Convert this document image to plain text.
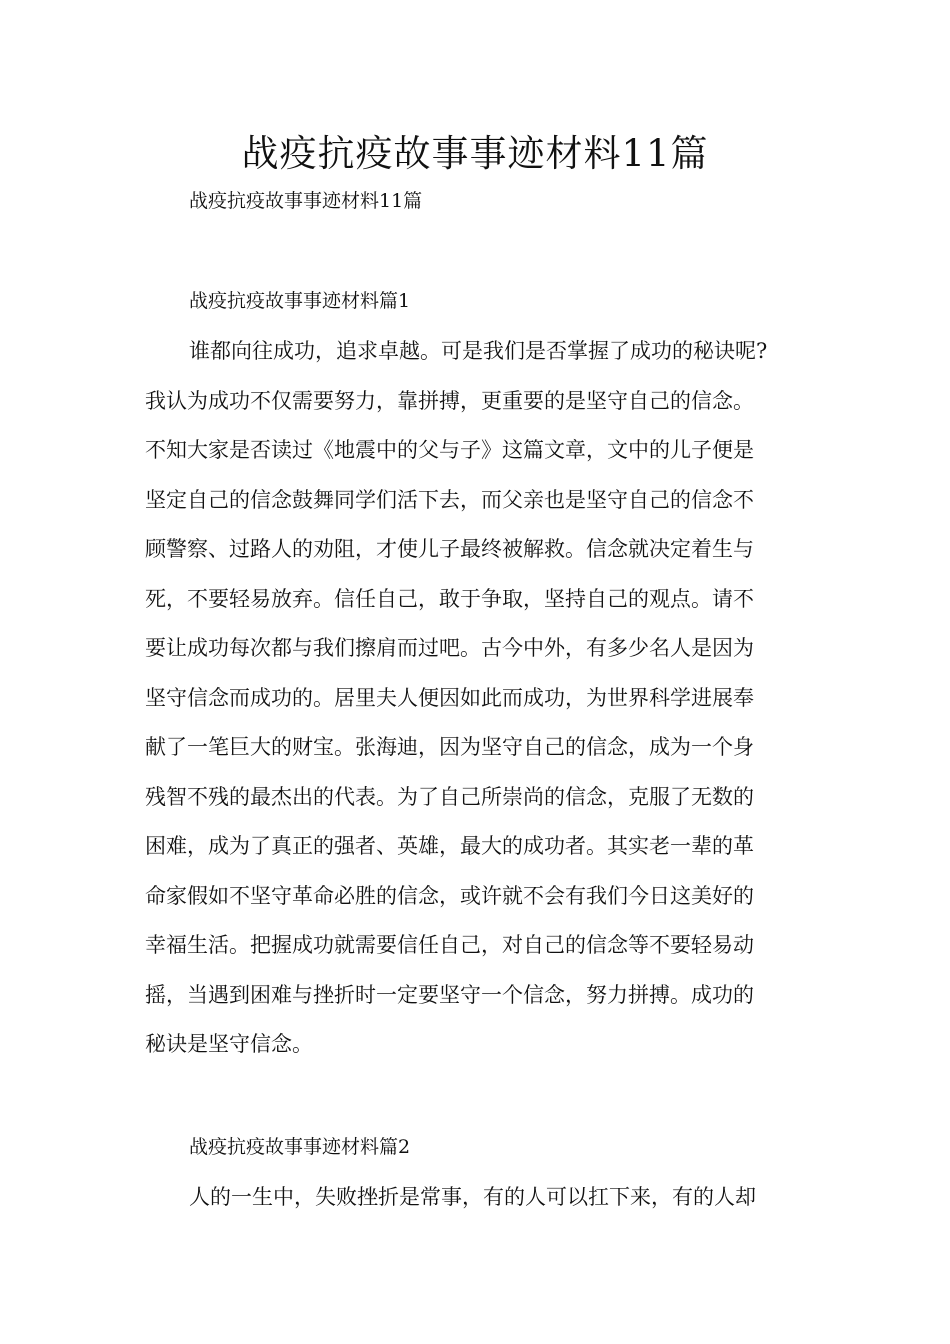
战疫抗疫故事事迹材料11篇
战疫抗疫故事事迹材料11篇
战疫抗疫故事事迹材料篇1
谁都向往成功，追求卓越。可是我们是否掌握了成功的秘诀呢?
我认为成功不仅需要努力，靠拼搏，更重要的是坚守自己的信念。
不知大家是否读过《地震中的父与子》这篇文章，文中的儿子便是
坚定自己的信念鼓舞同学们活下去，而父亲也是坚守自己的信念不
顾警察、过路人的劝阻，才使儿子最终被解救。信念就决定着生与
死，不要轻易放弃。信任自己，敢于争取，坚持自己的观点。请不
要让成功每次都与我们擦肩而过吧。古今中外，有多少名人是因为
坚守信念而成功的。居里夫人便因如此而成功，为世界科学进展奉
献了一笔巨大的财宝。张海迪，因为坚守自己的信念，成为一个身
残智不残的最杰出的代表。为了自己所崇尚的信念，克服了无数的
困难，成为了真正的强者、英雄，最大的成功者。其实老一辈的革
命家假如不坚守革命必胜的信念，或许就不会有我们今日这美好的
幸福生活。把握成功就需要信任自己，对自己的信念等不要轻易动
摇，当遇到困难与挫折时一定要坚守一个信念，努力拼搏。成功的
秘诀是坚守信念。
战疫抗疫故事事迹材料篇2
人的一生中，失败挫折是常事，有的人可以扛下来，有的人却
